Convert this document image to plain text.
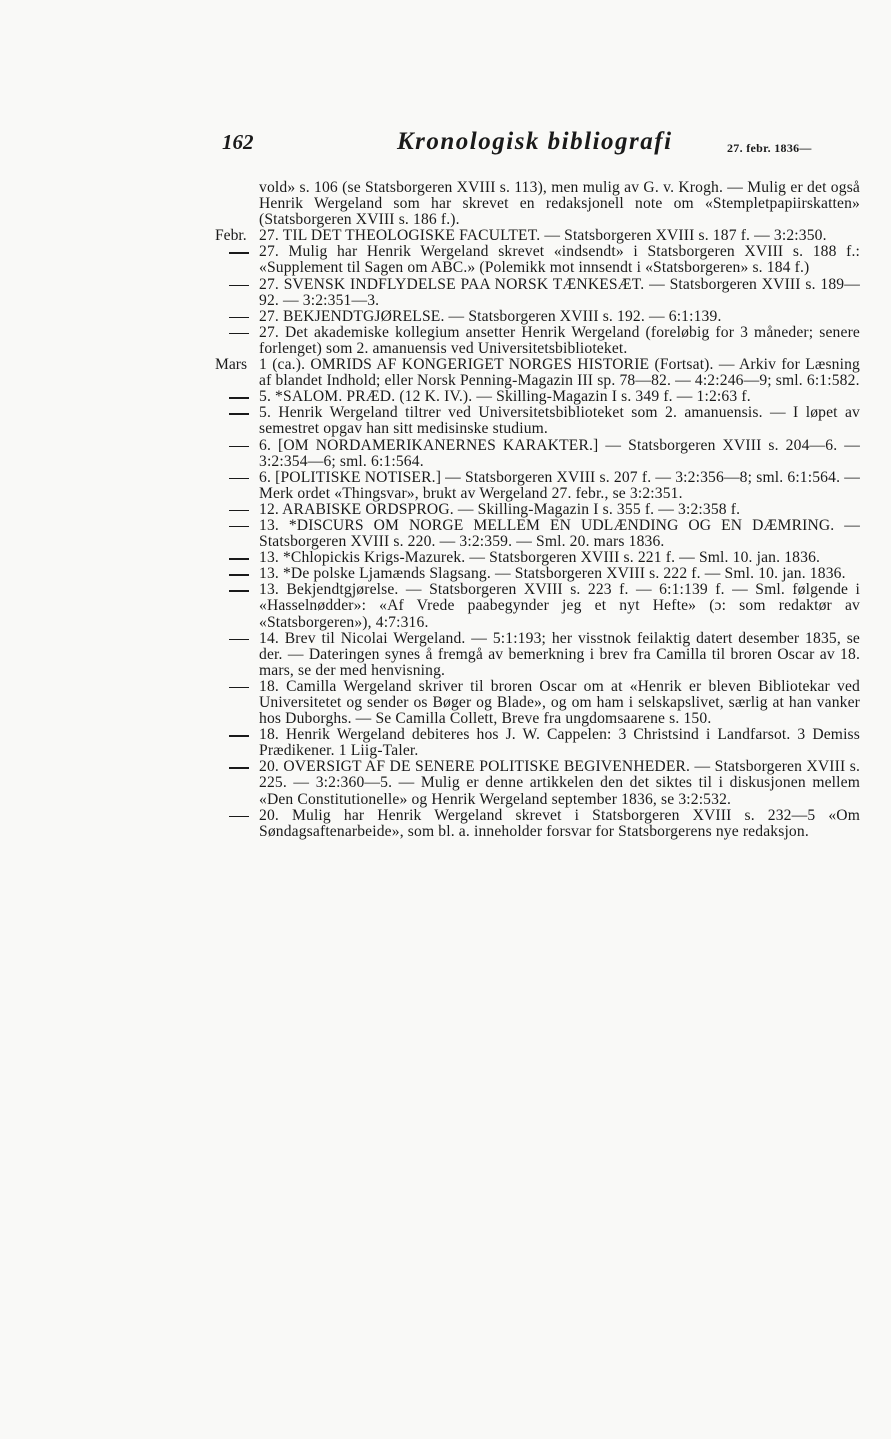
162	Kronologisk bibliografi	27. febr. 1836—
vold» s. 106 (se Statsborgeren XVIII s. 113), men mulig av G. v. Krogh. — Mulig er det også Henrik Wergeland som har skrevet en redaksjonell note om «Stempletpapiirskatten» (Statsborgeren XVIII s. 186 f.).
Febr. 27. TIL DET THEOLOGISKE FACULTET. — Statsborgeren XVIII s. 187 f. — 3:2:350.
27. Mulig har Henrik Wergeland skrevet «indsendt» i Statsborgeren XVIII s. 188 f.: «Supplement til Sagen om ABC.» (Polemikk mot innsendt i «Statsborgeren» s. 184 f.)
27. SVENSK INDFLYDELSE PAA NORSK TÆNKESÆT. — Statsborgeren XVIII s. 189—92. — 3:2:351—3.
27. BEKJENDTGJØRELSE. — Statsborgeren XVIII s. 192. — 6:1:139.
27. Det akademiske kollegium ansetter Henrik Wergeland (foreløbig for 3 måneder; senere forlenget) som 2. amanuensis ved Universitetsbiblioteket.
Mars 1 (ca.). OMRIDS AF KONGERIGET NORGES HISTORIE (Fortsat). — Arkiv for Læsning af blandet Indhold; eller Norsk Penning-Magazin III sp. 78—82. — 4:2:246—9; sml. 6:1:582.
5. *SALOM. PRÆD. (12 K. IV.). — Skilling-Magazin I s. 349 f. — 1:2:63 f.
5. Henrik Wergeland tiltrer ved Universitetsbiblioteket som 2. amanuensis. — I løpet av semestret opgav han sitt medisinske studium.
6. [OM NORDAMERIKANERNES KARAKTER.] — Statsborgeren XVIII s. 204—6. — 3:2:354—6; sml. 6:1:564.
6. [POLITISKE NOTISER.] — Statsborgeren XVIII s. 207 f. — 3:2:356—8; sml. 6:1:564. — Merk ordet «Thingsvar», brukt av Wergeland 27. febr., se 3:2:351.
12. ARABISKE ORDSPROG. — Skilling-Magazin I s. 355 f. — 3:2:358 f.
13. *DISCURS OM NORGE MELLEM EN UDLÆNDING OG EN DÆMRING. — Statsborgeren XVIII s. 220. — 3:2:359. — Sml. 20. mars 1836.
13. *Chlopickis Krigs-Mazurek. — Statsborgeren XVIII s. 221 f. — Sml. 10. jan. 1836.
13. *De polske Ljamænds Slagsang. — Statsborgeren XVIII s. 222 f. — Sml. 10. jan. 1836.
13. Bekjendtgjørelse. — Statsborgeren XVIII s. 223 f. — 6:1:139 f. — Sml. følgende i «Hasselnødder»: «Af Vrede paabegynder jeg et nyt Hefte» (ɔ: som redaktør av «Statsborgeren»), 4:7:316.
14. Brev til Nicolai Wergeland. — 5:1:193; her visstnok feilaktig datert desember 1835, se der. — Dateringen synes å fremgå av bemerkning i brev fra Camilla til broren Oscar av 18. mars, se der med henvisning.
18. Camilla Wergeland skriver til broren Oscar om at «Henrik er bleven Bibliotekar ved Universitetet og sender os Bøger og Blade», og om ham i selskapslivet, særlig at han vanker hos Duborghs. — Se Camilla Collett, Breve fra ungdomsaarene s. 150.
18. Henrik Wergeland debiteres hos J. W. Cappelen: 3 Christsind i Landfarsot. 3 Demiss Prædikener. 1 Liig-Taler.
20. OVERSIGT AF DE SENERE POLITISKE BEGIVENHEDER. — Statsborgeren XVIII s. 225. — 3:2:360—5. — Mulig er denne artikkelen den det siktes til i diskusjonen mellem «Den Constitutionelle» og Henrik Wergeland september 1836, se 3:2:532.
20. Mulig har Henrik Wergeland skrevet i Statsborgeren XVIII s. 232—5 «Om Søndagsaftenarbeide», som bl. a. inneholder forsvar for Statsborgerens nye redaksjon.
